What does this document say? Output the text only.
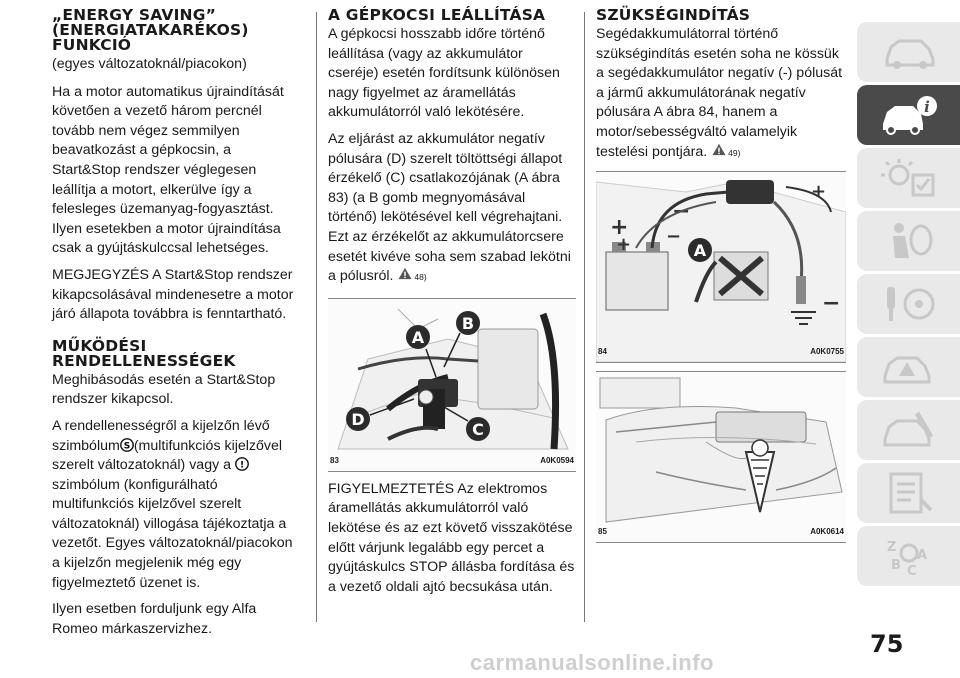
„ENERGY SAVING” (ENERGIATAKARÉKOS) FUNKCIÓ

(egyes változatoknál/piacokon)

Ha a motor automatikus újraindítását követően a vezető három percnél tovább nem végez semmilyen beavatkozást a gépkocsin, a Start&Stop rendszer véglegesen leállítja a motort, elkerülve így a felesleges üzemanyag-fogyasztást. Ilyen esetekben a motor újraindítása csak a gyújtáskulccsal lehetséges.

MEGJEGYZÉS A Start&Stop rendszer kikapcsolásával mindenesetre a motor járó állapota továbbra is fenntartható.

MŰKÖDÉSI RENDELLENESSÉGEK

Meghibásodás esetén a Start&Stop rendszer kikapcsol.

A rendellenességről a kijelzőn lévő szimbólum S (multifunkciós kijelzővel szerelt változatoknál) vagy a !
szimbólum (konfigurálható multifunkciós kijelzővel szerelt változatoknál) villogása tájékoztatja a vezetőt. Egyes változatoknál/piacokon a kijelzőn megjelenik még egy figyelmeztető üzenet is.

Ilyen esetben forduljunk egy Alfa Romeo márkaszervizhez.

A GÉPKOCSI LEÁLLÍTÁSA

A gépkocsi hosszabb időre történő leállítása (vagy az akkumulátor cseréje) esetén fordítsunk különösen nagy figyelmet az áramellátás akkumulátorról való lekötésére.

Az eljárást az akkumulátor negatív pólusára (D) szerelt töltöttségi állapot érzékelő (C) csatlakozójának (A ábra 83) (a B gomb megnyomásával történő) lekötésével kell végrehajtani. Ezt az érzékelőt az akkumulátorcsere esetét kivéve soha sem szabad lekötni a pólusról. 48)

A
B
C
D
83	A0K0594

FIGYELMEZTETÉS Az elektromos áramellátás akkumulátorról való lekötése és az ezt követő visszakötése előtt várjunk legalább egy percet a gyújtáskulcs STOP állásba fordítása és a vezető oldali ajtó becsukása után.

SZÜKSÉGINDÍTÁS

Segédakkumulátorral történő szükségindítás esetén soha ne kössük a segédakkumulátor negatív (-) pólusát a jármű akkumulátorának negatív pólusára A ábra 84, hanem a motor/sebességváltó valamelyik testelési pontjára. 49)

+ −
+
−
+
−
A
84	A0K0755
85	A0K0614
i
Z
A
B C
75
carmanualsonline.info
